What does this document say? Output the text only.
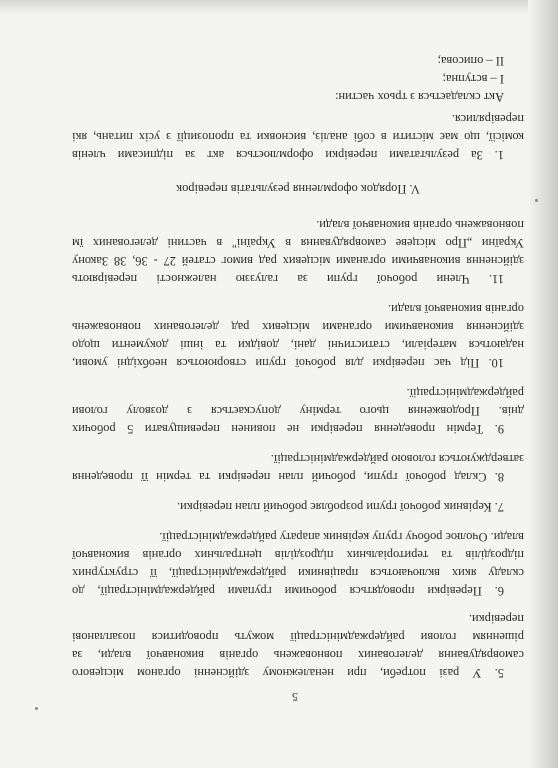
5
5. У разі потреби, при неналежному здійсненні органом місцевого
самоврядування делегованих повноважень органів виконавчої влади, за
рішенням голови райдержадміністрації можуть проводитися позапланові
перевірки.
6. Перевірки проводяться робочими групами райдержадміністрації, до
складу яких включаються працівники райдержадміністрації, її структурних
підрозділів та територіальних підрозділів центральних органів виконавчої
влади. Очолює робочу групу керівник апарату райдержадміністрації.
7. Керівник робочої групи розробляє робочий план перевірки.
8. Склад робочої групи, робочий план перевірки та термін її проведення
затверджуються головою райдержадміністрації.
9. Термін проведення перевірки не повинен перевищувати 5 робочих
днів. Продовження цього терміну допускається з дозволу голови
райдержадміністрації.
10. Під час перевірки для робочої групи створюються необхідні умови,
надаються матеріали, статистичні дані, довідки та інші документи щодо
здійснення виконавчими органами місцевих рад делегованих повноважень
органів виконавчої влади.
11. Члени робочої групи за галуззю належності перевіряють
здійснення виконавчими органами місцевих рад вимог статей 27 - 36, 38 Закону
України „Про місцеве самоврядування в Україні" в частині делегованих їм
повноважень органів виконавчої влади.
V. Порядок оформлення результатів перевірок
1. За результатами перевірки оформлюється акт за підписами членів
комісії, що має містити в собі аналіз, висновки та пропозиції з усіх питань, які
перевірялися.
Акт складається з трьох частин:
I – вступна;
II – описова;
